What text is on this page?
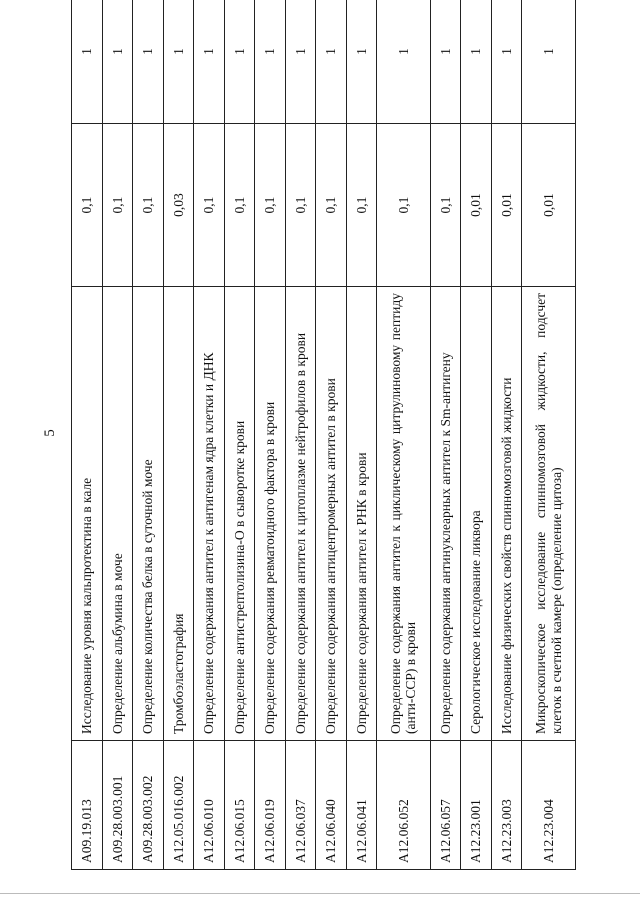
5
A09.19.013	Исследование уровня кальпротектина в кале	0,1	1
A09.28.003.001	Определение альбумина в моче	0,1	1
A09.28.003.002	Определение количества белка в суточной моче	0,1	1
A12.05.016.002	Тромбоэластография	0,03	1
A12.06.010	Определение содержания антител к антигенам ядра клетки и ДНК	0,1	1
A12.06.015	Определение антистрептолизина-О в сыворотке крови	0,1	1
A12.06.019	Определение содержания ревматоидного фактора в крови	0,1	1
A12.06.037	Определение содержания антител к цитоплазме нейтрофилов в крови	0,1	1
A12.06.040	Определение содержания антицентромерных антител в крови	0,1	1
A12.06.041	Определение содержания антител к РНК в крови	0,1	1
A12.06.052	Определение содержания антител к циклическому цитрулиновому пептиду (анти-CCP) в крови	0,1	1
A12.06.057	Определение содержания антинуклеарных антител к Sm-антигену	0,1	1
A12.23.001	Серологическое исследование ликвора	0,01	1
A12.23.003	Исследование физических свойств спинномозговой жидкости	0,01	1
A12.23.004	Микроскопическое исследование спинномозговой жидкости, подсчет клеток в счетной камере (определение цитоза)	0,01	1
